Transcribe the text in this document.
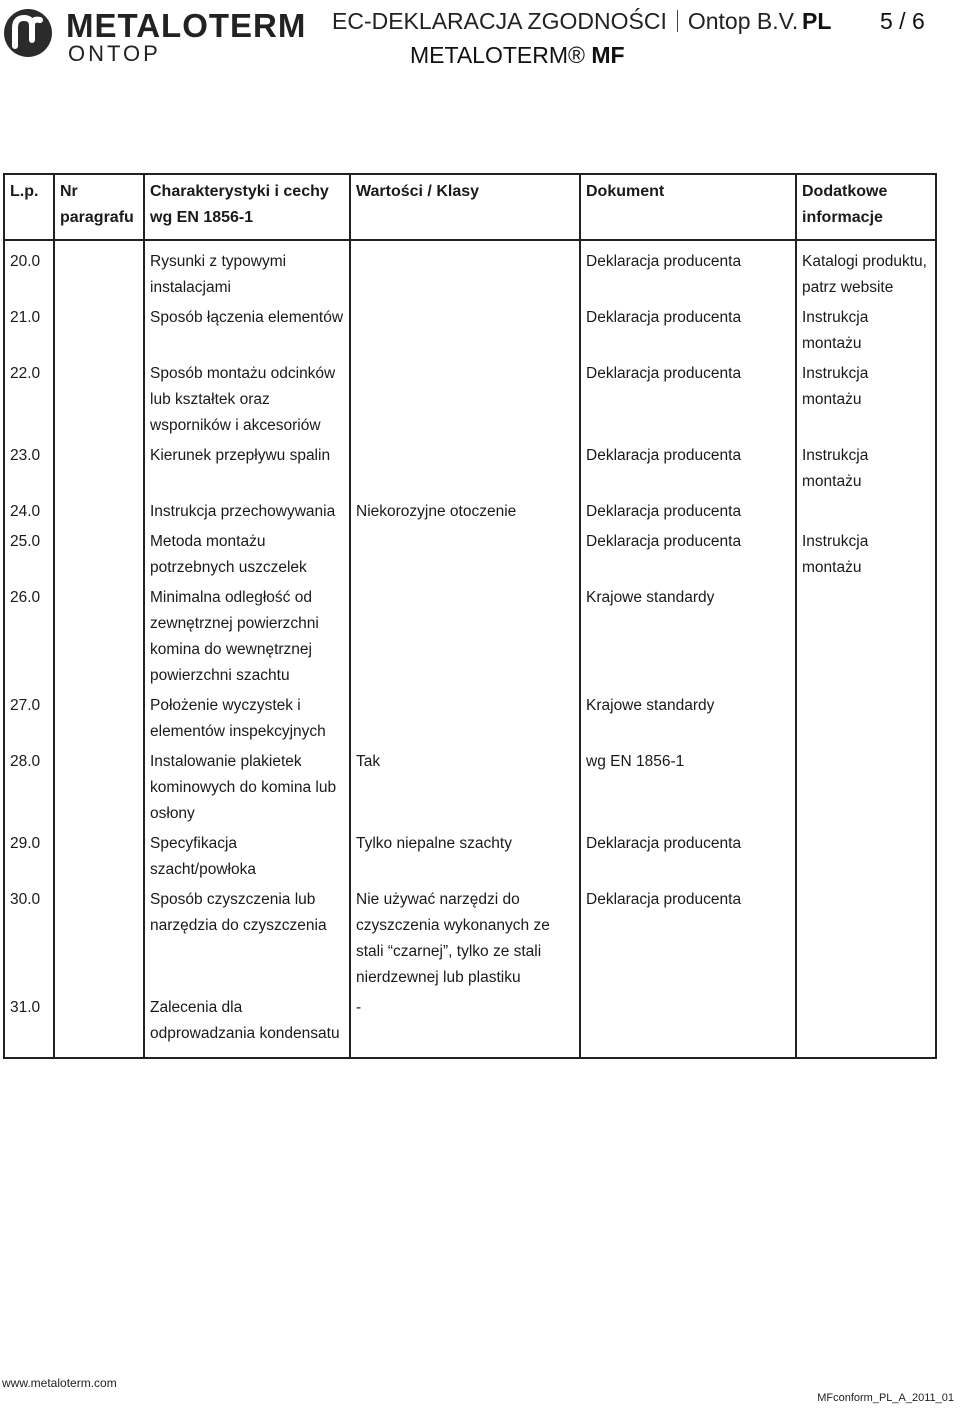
METALOTERM
ONTOP
EC-DEKLARACJA ZGODNOŚCI Ontop B.V. PL 5 / 6
METALOTERM® MF
L.p.	Nr paragrafu	Charakterystyki i cechy wg EN 1856-1	Wartości / Klasy	Dokument	Dodatkowe informacje
20.0		Rysunki z typowymi instalacjami		Deklaracja producenta	Katalogi produktu, patrz website
21.0		Sposób łączenia elementów		Deklaracja producenta	Instrukcja montażu
22.0		Sposób montażu odcinków lub kształtek oraz wsporników i akcesoriów		Deklaracja producenta	Instrukcja montażu
23.0		Kierunek przepływu spalin		Deklaracja producenta	Instrukcja montażu
24.0		Instrukcja przechowywania	Niekorozyjne otoczenie	Deklaracja producenta	
25.0		Metoda montażu potrzebnych uszczelek		Deklaracja producenta	Instrukcja montażu
26.0		Minimalna odległość od zewnętrznej powierzchni komina do wewnętrznej powierzchni szachtu		Krajowe standardy	
27.0		Położenie wyczystek i elementów inspekcyjnych		Krajowe standardy	
28.0		Instalowanie plakietek kominowych do komina lub osłony	Tak	wg EN 1856-1	
29.0		Specyfikacja szacht/powłoka	Tylko niepalne szachty	Deklaracja producenta	
30.0		Sposób czyszczenia lub narzędzia do czyszczenia	Nie używać narzędzi do czyszczenia wykonanych ze stali “czarnej”, tylko ze stali nierdzewnej lub plastiku	Deklaracja producenta	
31.0		Zalecenia dla odprowadzania kondensatu	-		
www.metaloterm.com
MFconform_PL_A_2011_01
